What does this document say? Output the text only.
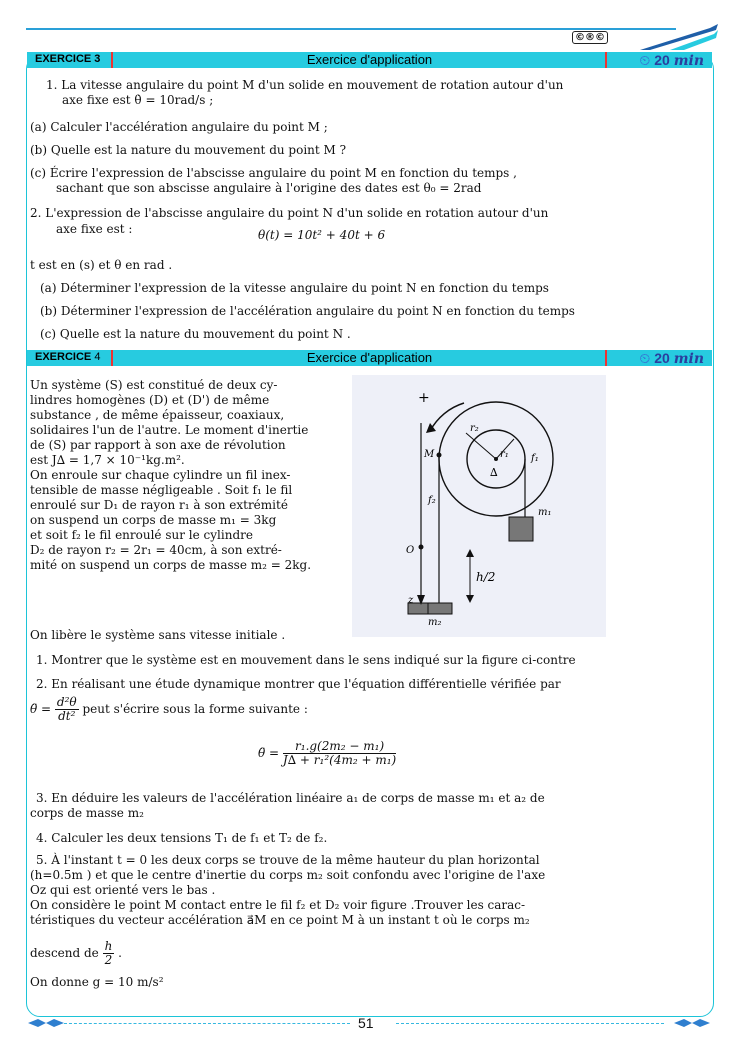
©®©
Exercice d'application
EXERCICE 3	⏲ 20 min
1. La vitesse angulaire du point M d'un solide en mouvement de rotation autour d'un
axe fixe est θ̇ = 10rad/s ;
(a) Calculer l'accélération angulaire du point M ;
(b) Quelle est la nature du mouvement du point M ?
(c) Écrire l'expression de l'abscisse angulaire du point M en fonction du temps ,
sachant que son abscisse angulaire à l'origine des dates est θ₀ = 2rad
2. L'expression de l'abscisse angulaire du point N d'un solide en rotation autour d'un
axe fixe est :	θ(t) = 10t² + 40t + 6
t est en (s) et θ en rad .
(a) Déterminer l'expression de la vitesse angulaire du point N en fonction du temps
(b) Déterminer l'expression de l'accélération angulaire du point N en fonction du temps
(c) Quelle est la nature du mouvement du point N .
Exercice d'application
EXERCICE 4	⏲ 20 min
Un système (S) est constitué de deux cy-
lindres homogènes (D) et (D') de même
substance , de même épaisseur, coaxiaux,
solidaires l'un de l'autre. Le moment d'inertie
de (S) par rapport à son axe de révolution
est J∆ = 1,7 × 10⁻¹kg.m².
On enroule sur chaque cylindre un fil inex-
tensible de masse négligeable . Soit f₁ le fil
enroulé sur D₁ de rayon r₁ à son extrémité
on suspend un corps de masse m₁ = 3kg
et soit f₂ le fil enroulé sur le cylindre
D₂ de rayon r₂ = 2r₁ = 40cm, à son extré-
mité on suspend un corps de masse m₂ = 2kg.
+
r₂
r₁
∆
M
f₂
m₂
f₁
m₁
O
z
h/2
On libère le système sans vitesse initiale .
1. Montrer que le système est en mouvement dans le sens indiqué sur la figure ci-contre
2. En réalisant une étude dynamique montrer que l'équation différentielle vérifiée par
θ̈ = $\frac{\text{d²θ}}{\text{dt²}}$ peut s'écrire sous la forme suivante :
θ̈ = $\frac{\text{r₁.g(2m₂ − m₁)}}{\text{J∆ + r₁²(4m₂ + m₁)}}$
3. En déduire les valeurs de l'accélération linéaire a₁ de corps de masse m₁ et a₂ de
corps de masse m₂
4. Calculer les deux tensions T₁ de f₁ et T₂ de f₂.
5. À l'instant t = 0 les deux corps se trouve de la même hauteur du plan horizontal
(h=0.5m ) et que le centre d'inertie du corps m₂ soit confondu avec l'origine de l'axe
Oz qui est orienté vers le bas .
On considère le point M contact entre le fil f₂ et D₂ voir figure .Trouver les carac-
téristiques du vecteur accélération a⃗M en ce point M à un instant t où le corps m₂
descend de $\frac{h}{2}$ .
On donne g = 10 m/s²
51
